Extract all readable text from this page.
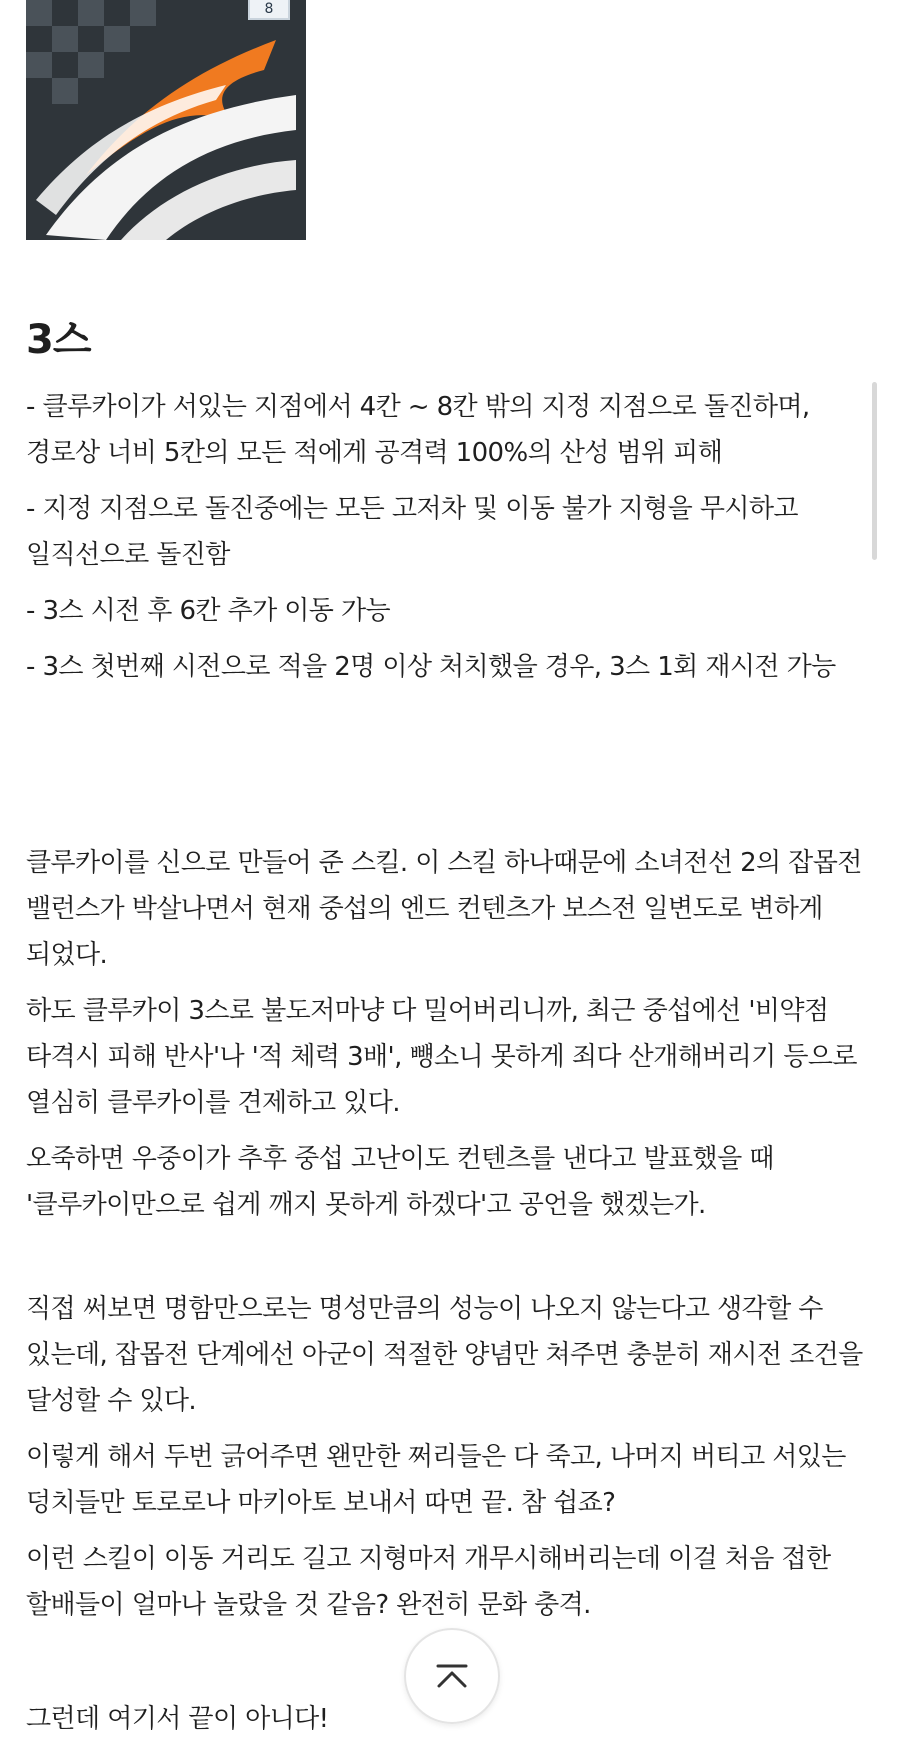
8
3스

- 클루카이가 서있는 지점에서 4칸 ~ 8칸 밖의 지정 지점으로 돌진하며, 경로상 너비 5칸의 모든 적에게 공격력 100%의 산성 범위 피해

- 지정 지점으로 돌진중에는 모든 고저차 및 이동 불가 지형을 무시하고 일직선으로 돌진함

- 3스 시전 후 6칸 추가 이동 가능

- 3스 첫번째 시전으로 적을 2명 이상 처치했을 경우, 3스 1회 재시전 가능

클루카이를 신으로 만들어 준 스킬. 이 스킬 하나때문에 소녀전선 2의 잡몹전 밸런스가 박살나면서 현재 중섭의 엔드 컨텐츠가 보스전 일변도로 변하게 되었다.

하도 클루카이 3스로 불도저마냥 다 밀어버리니까, 최근 중섭에선 '비약점 타격시 피해 반사'나 '적 체력 3배', 뻉소니 못하게 죄다 산개해버리기 등으로 열심히 클루카이를 견제하고 있다.

오죽하면 우중이가 추후 중섭 고난이도 컨텐츠를 낸다고 발표했을 때 '클루카이만으로 쉽게 깨지 못하게 하겠다'고 공언을 했겠는가.

직접 써보면 명함만으로는 명성만큼의 성능이 나오지 않는다고 생각할 수 있는데, 잡몹전 단계에선 아군이 적절한 양념만 쳐주면 충분히 재시전 조건을 달성할 수 있다.

이렇게 해서 두번 긁어주면 왠만한 쩌리들은 다 죽고, 나머지 버티고 서있는 덩치들만 토로로나 마키아토 보내서 따면 끝. 참 쉽죠?

이런 스킬이 이동 거리도 길고 지형마저 개무시해버리는데 이걸 처음 접한 할배들이 얼마나 놀랐을 것 같음? 완전히 문화 충격.

그런데 여기서 끝이 아니다!
